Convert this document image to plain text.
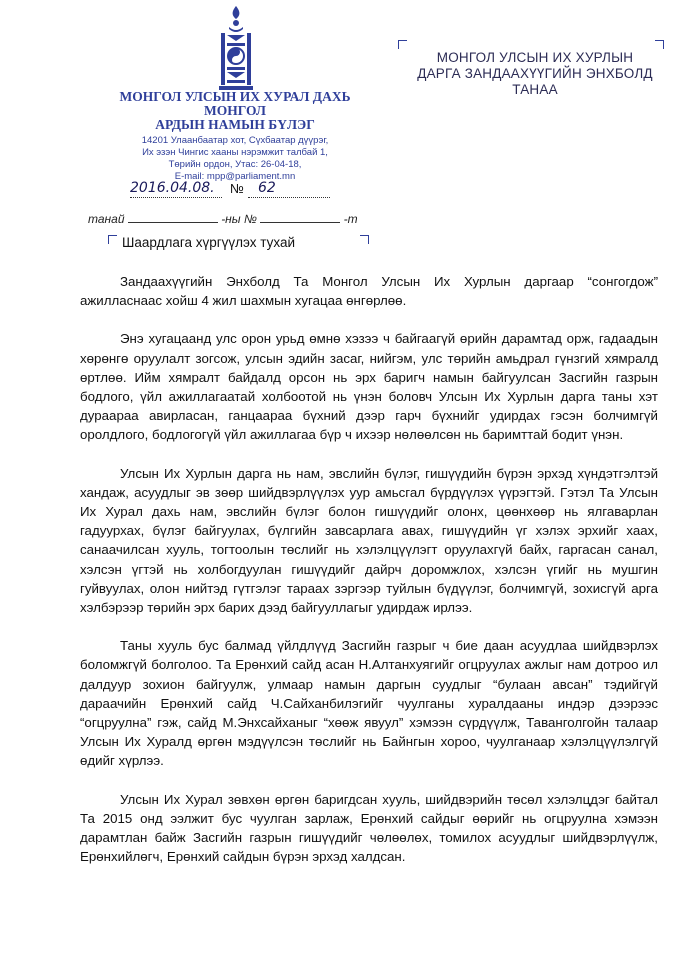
МОНГОЛ УЛСЫН ИХ ХУРАЛ ДАХЬ
МОНГОЛ
АРДЫН НАМЫН БҮЛЭГ
14201 Улаанбаатар хот, Сүхбаатар дүүрэг,
Их эзэн Чингис хааны нэрэмжит талбай 1,
Төрийн ордон, Утас: 26-04-18,
E-mail: mpp@parliament.mn
2016.04.08. № 62
танай	-ны №	-т
Шаардлага хүргүүлэх тухай
МОНГОЛ УЛСЫН ИХ ХУРЛЫН
ДАРГА ЗАНДААХҮҮГИЙН ЭНХБОЛД
ТАНАА

Зандаахүүгийн Энхболд Та Монгол Улсын Их Хурлын даргаар “сонгогдож” ажилласнаас хойш 4 жил шахмын хугацаа өнгөрлөө.

Энэ хугацаанд улс орон урьд өмнө хэзээ ч байгаагүй өрийн дарамтад орж, гадаадын хөрөнгө оруулалт зогсож, улсын эдийн засаг, нийгэм, улс төрийн амьдрал гүнзгий хямралд өртлөө. Ийм хямралт байдалд орсон нь эрх баригч намын байгуулсан Засгийн газрын бодлого, үйл ажиллагаатай холбоотой нь үнэн боловч Улсын Их Хурлын дарга таны хэт дураараа авирласан, ганцаараа бүхний дээр гарч бүхнийг удирдах гэсэн болчимгүй оролдлого, бодлогогүй үйл ажиллагаа бүр ч ихээр нөлөөлсөн нь баримттай бодит үнэн.

Улсын Их Хурлын дарга нь нам, эвслийн бүлэг, гишүүдийн бүрэн эрхэд хүндэтгэлтэй хандаж, асуудлыг эв зөөр шийдвэрлүүлэх уур амьсгал бүрдүүлэх үүрэгтэй. Гэтэл Та Улсын Их Хурал дахь нам, эвслийн бүлэг болон гишүүдийг олонх, цөөнхөөр нь ялгаварлан гадуурхах, бүлэг байгуулах, бүлгийн завсарлага авах, гишүүдийн үг хэлэх эрхийг хаах, санаачилсан хууль, тогтоолын төслийг нь хэлэлцүүлэгт оруулахгүй байх, гаргасан санал, хэлсэн үгтэй нь холбогдуулан гишүүдийг дайрч доромжлох, хэлсэн үгийг нь мушгин гуйвуулах, олон нийтэд гүтгэлэг тараах зэргээр туйлын бүдүүлэг, болчимгүй, зохисгүй арга хэлбэрээр төрийн эрх барих дээд байгууллагыг удирдаж ирлээ.

Таны хууль бус балмад үйлдлүүд Засгийн газрыг ч бие даан асуудлаа шийдвэрлэх боломжгүй болголоо. Та Ерөнхий сайд асан Н.Алтанхуягийг огцруулах ажлыг нам дотроо ил далдуур зохион байгуулж, улмаар намын даргын суудлыг “булаан авсан” тэдийгүй дараачийн Ерөнхий сайд Ч.Сайханбилэгийг чуулганы хуралдааны индэр дээрээс “огцруулна” гэж, сайд М.Энхсайханыг “хөөж явуул” хэмээн сүрдүүлж, Таванголгойн талаар Улсын Их Хуралд өргөн мэдүүлсэн төслийг нь Байнгын хороо, чуулганаар хэлэлцүүлэлгүй өдийг хүрлээ.

Улсын Их Хурал зөвхөн өргөн баригдсан хууль, шийдвэрийн төсөл хэлэлцдэг байтал Та 2015 онд ээлжит бус чуулган зарлаж, Ерөнхий сайдыг өөрийг нь огцруулна хэмээн дарамтлан байж Засгийн газрын гишүүдийг чөлөөлөх, томилох асуудлыг шийдвэрлүүлж, Ерөнхийлөгч, Ерөнхий сайдын бүрэн эрхэд халдсан.
